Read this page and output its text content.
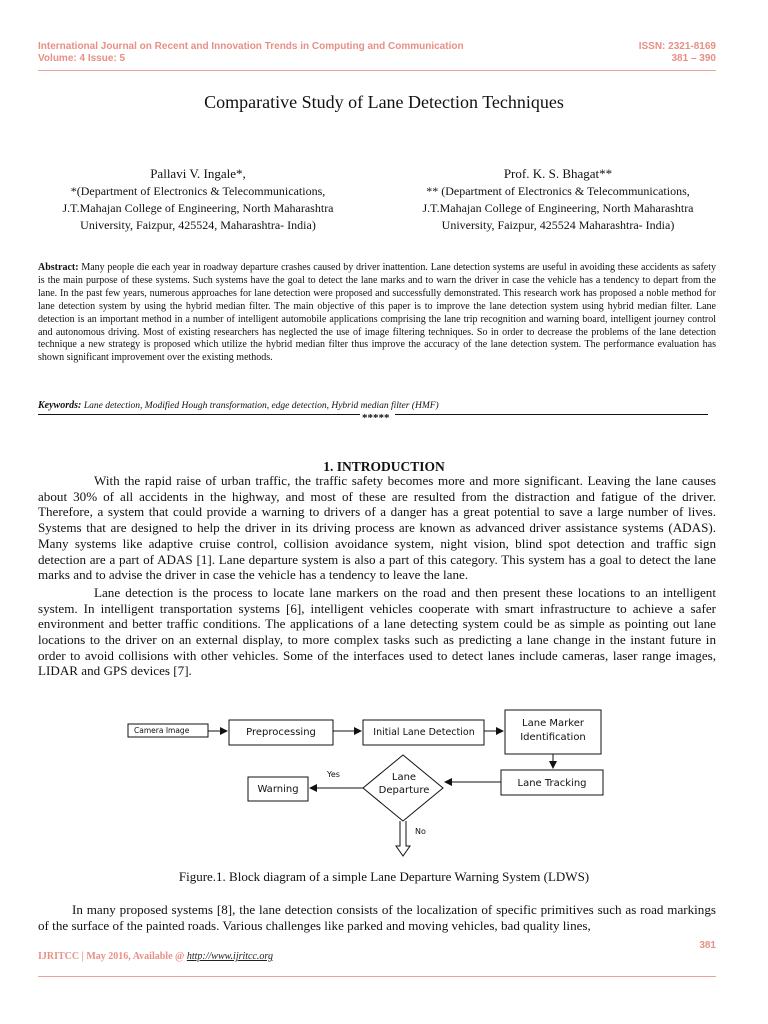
International Journal on Recent and Innovation Trends in Computing and Communication
Volume: 4 Issue: 5
ISSN: 2321-8169
381 – 390
Comparative Study of Lane Detection Techniques
Pallavi V. Ingale*,
*(Department of Electronics & Telecommunications,
J.T.Mahajan College of Engineering, North Maharashtra
University, Faizpur, 425524, Maharashtra- India)
Prof. K. S. Bhagat**
** (Department of Electronics & Telecommunications,
J.T.Mahajan College of Engineering, North Maharashtra
University, Faizpur, 425524 Maharashtra- India)
Abstract: Many people die each year in roadway departure crashes caused by driver inattention. Lane detection systems are useful in avoiding these accidents as safety is the main purpose of these systems. Such systems have the goal to detect the lane marks and to warn the driver in case the vehicle has a tendency to depart from the lane. In the past few years, numerous approaches for lane detection were proposed and successfully demonstrated. This research work has proposed a noble method for lane detection system by using the hybrid median filter. The main objective of this paper is to improve the lane detection system using hybrid median filter. Lane detection is an important method in a number of intelligent automobile applications comprising the lane trip recognition and warning board, intelligent journey control and autonomous driving. Most of existing researchers has neglected the use of image filtering techniques. So in order to decrease the problems of the lane detection technique a new strategy is proposed which utilize the hybrid median filter thus improve the accuracy of the lane detection system. The performance evaluation has shown significant improvement over the existing methods.
Keywords: Lane detection, Modified Hough transformation, edge detection, Hybrid median filter (HMF)
*****
1. INTRODUCTION

With the rapid raise of urban traffic, the traffic safety becomes more and more significant. Leaving the lane causes about 30% of all accidents in the highway, and most of these are resulted from the distraction and fatigue of the driver. Therefore, a system that could provide a warning to drivers of a danger has a great potential to save a large number of lives. Systems that are designed to help the driver in its driving process are known as advanced driver assistance systems (ADAS). Many systems like adaptive cruise control, collision avoidance system, night vision, blind spot detection and traffic sign detection are a part of ADAS [1]. Lane departure system is also a part of this category. This system has a goal to detect the lane marks and to advise the driver in case the vehicle has a tendency to leave the lane.

Lane detection is the process to locate lane markers on the road and then present these locations to an intelligent system. In intelligent transportation systems [6], intelligent vehicles cooperate with smart infrastructure to achieve a safer environment and better traffic conditions. The applications of a lane detecting system could be as simple as pointing out lane locations to the driver on an external display, to more complex tasks such as predicting a lane change in the instant future in order to avoid collisions with other vehicles. Some of the interfaces used to detect lanes include cameras, laser range images, LIDAR and GPS devices [7].

Camera Image	Preprocessing	Initial Lane Detection
Lane Marker
Identification
Lane Tracking
Lane
Departure
Warning
Yes
No
Figure.1. Block diagram of a simple Lane Departure Warning System (LDWS)

In many proposed systems [8], the lane detection consists of the localization of specific primitives such as road markings of the surface of the painted roads. Various challenges like parked and moving vehicles, bad quality lines,

381
IJRITCC | May 2016, Available @ http://www.ijritcc.org
